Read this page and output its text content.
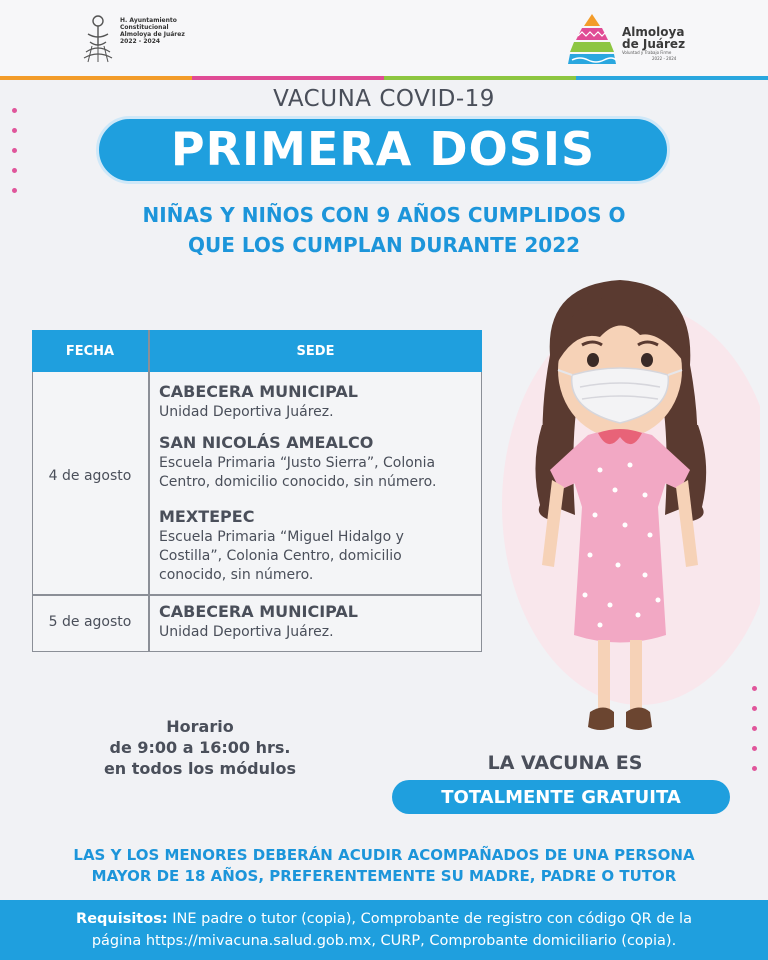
H. Ayuntamiento
Constitucional
Almoloya de Juárez
2022 - 2024
Almoloya
de Juárez
Voluntad y Trabajo Firme
2022 - 2024
VACUNA COVID-19
PRIMERA DOSIS
NIÑAS Y NIÑOS CON 9 AÑOS CUMPLIDOS O
QUE LOS CUMPLAN DURANTE 2022
FECHA	SEDE
4 de agosto
5 de agosto
CABECERA MUNICIPAL
Unidad Deportiva Juárez.
SAN NICOLÁS AMEALCO
Escuela Primaria “Justo Sierra”, Colonia
Centro, domicilio conocido, sin número.
MEXTEPEC
Escuela Primaria “Miguel Hidalgo y
Costilla”, Colonia Centro, domicilio
conocido, sin número.
CABECERA MUNICIPAL
Unidad Deportiva Juárez.
Horario
de 9:00 a 16:00 hrs.
en todos los módulos	LA VACUNA ES
TOTALMENTE GRATUITA
LAS Y LOS MENORES DEBERÁN ACUDIR ACOMPAÑADOS DE UNA PERSONA
MAYOR DE 18 AÑOS, PREFERENTEMENTE SU MADRE, PADRE O TUTOR
Requisitos: INE padre o tutor (copia), Comprobante de registro con código QR de la
página https://mivacuna.salud.gob.mx, CURP, Comprobante domiciliario (copia).
